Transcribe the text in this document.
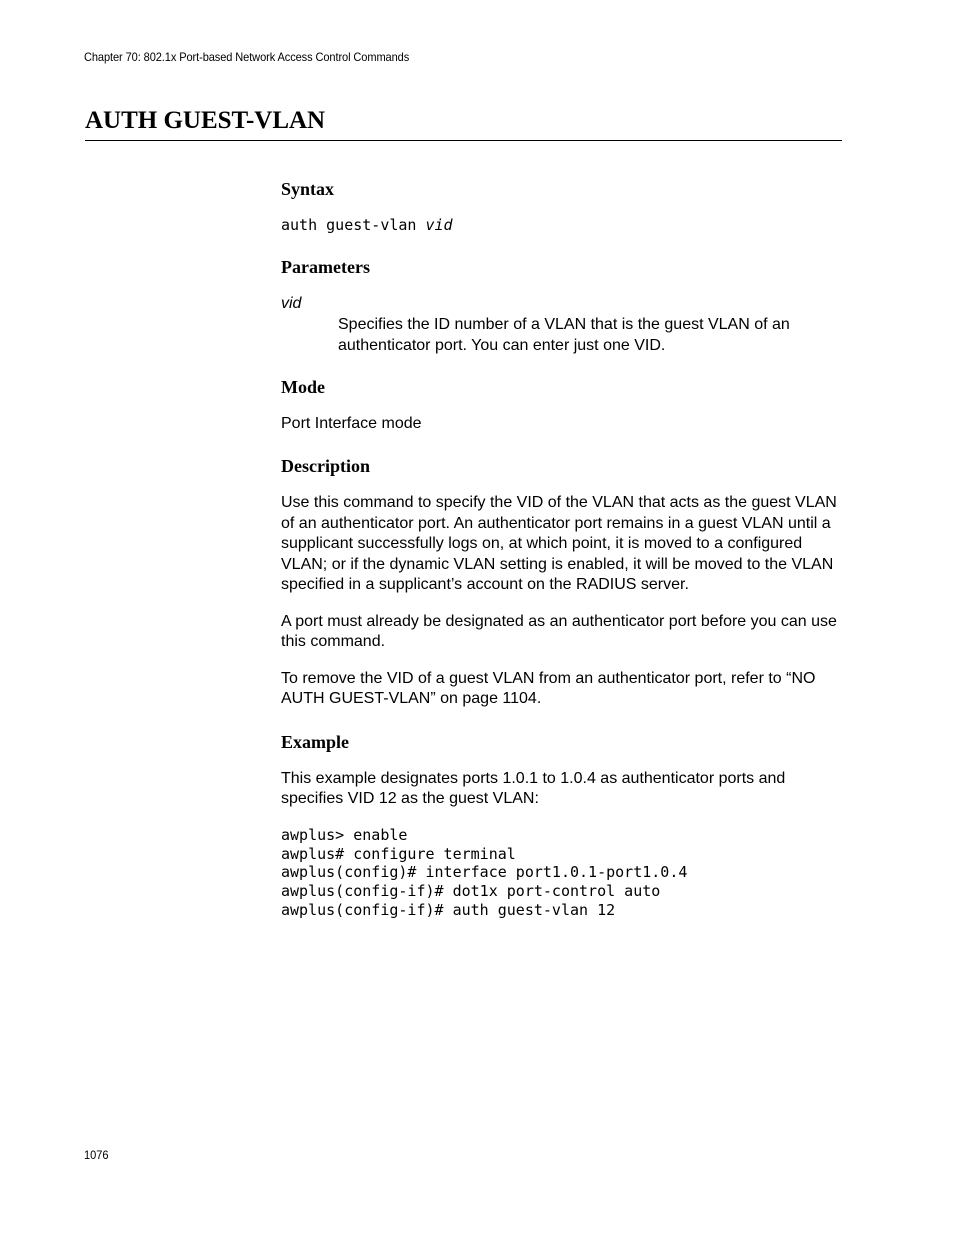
Chapter 70: 802.1x Port-based Network Access Control Commands
AUTH GUEST-VLAN
Syntax
auth guest-vlan vid
Parameters

vid

Specifies the ID number of a VLAN that is the guest VLAN of an authenticator port. You can enter just one VID.

Mode

Port Interface mode

Description

Use this command to specify the VID of the VLAN that acts as the guest VLAN of an authenticator port. An authenticator port remains in a guest VLAN until a supplicant successfully logs on, at which point, it is moved to a configured VLAN; or if the dynamic VLAN setting is enabled, it will be moved to the VLAN specified in a supplicant’s account on the RADIUS server.

A port must already be designated as an authenticator port before you can use this command.

To remove the VID of a guest VLAN from an authenticator port, refer to “NO AUTH GUEST-VLAN” on page 1104.

Example

This example designates ports 1.0.1 to 1.0.4 as authenticator ports and specifies VID 12 as the guest VLAN:

awplus> enable
awplus# configure terminal
awplus(config)# interface port1.0.1-port1.0.4
awplus(config-if)# dot1x port-control auto
awplus(config-if)# auth guest-vlan 12
1076
